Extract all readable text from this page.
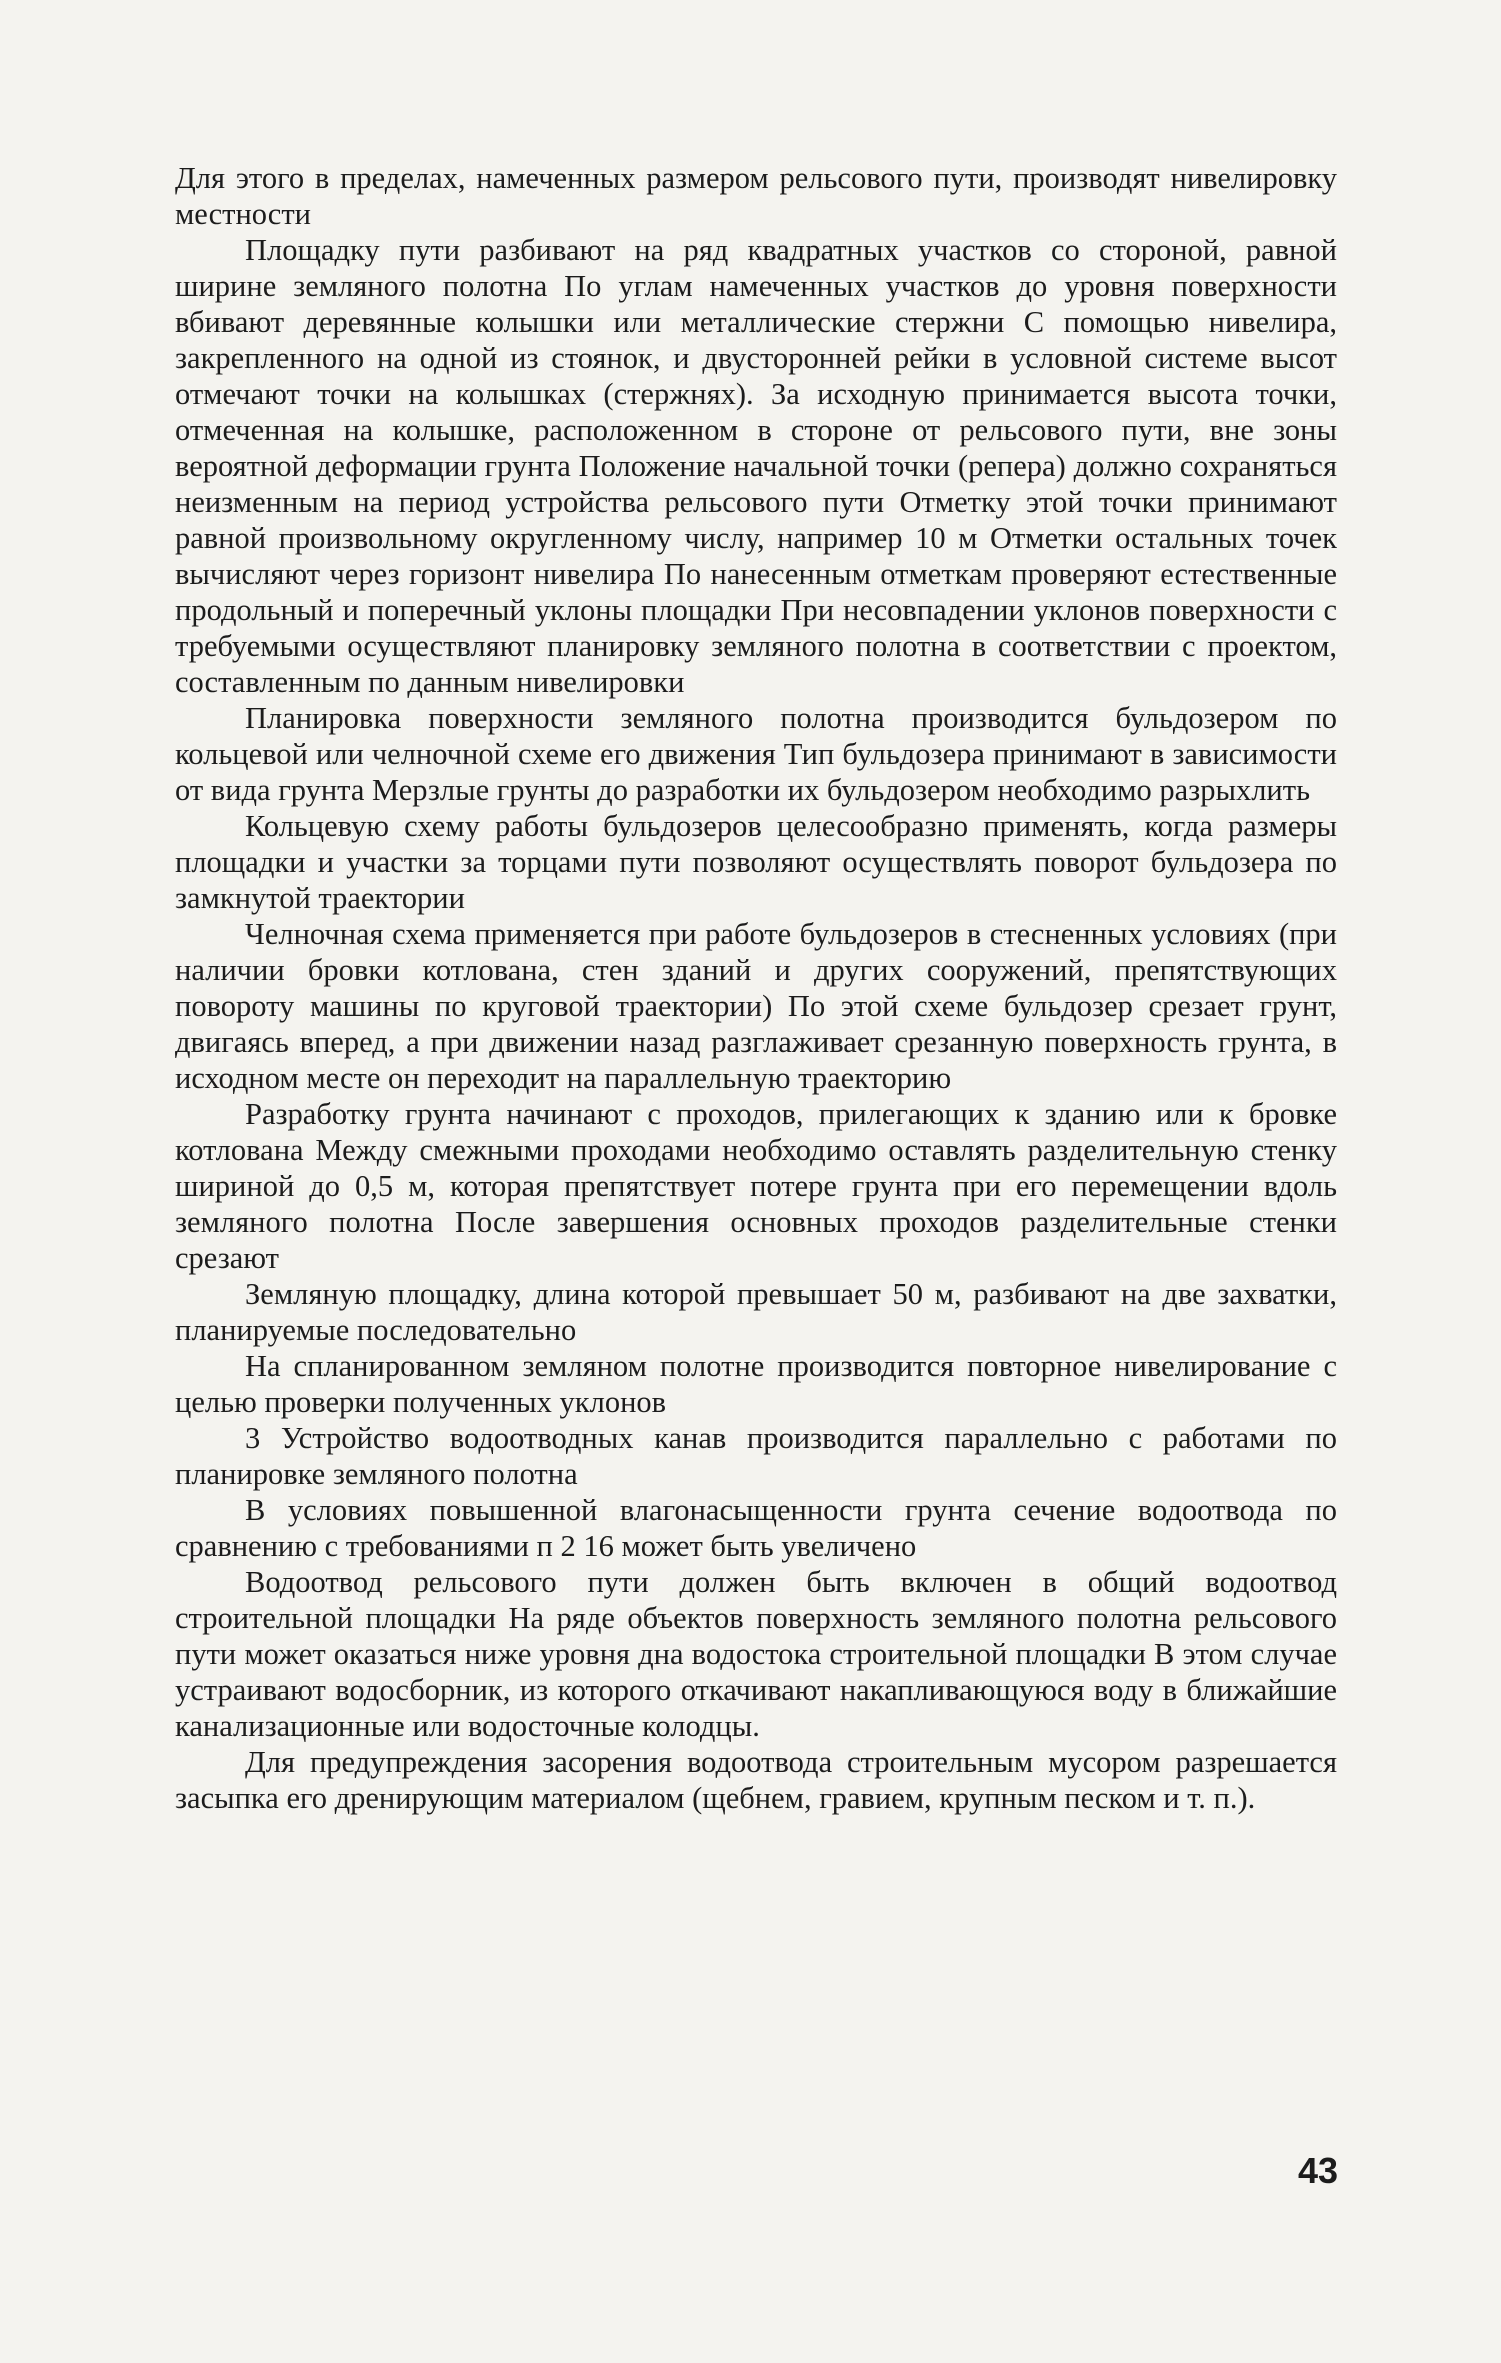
Для этого в пределах, намеченных размером рельсового пути, производят нивелировку местности

Площадку пути разбивают на ряд квадратных участков со стороной, равной ширине земляного полотна По углам намеченных участков до уровня поверхности вбивают деревянные колышки или металлические стержни С помощью нивелира, закрепленного на одной из стоянок, и двусторонней рейки в условной системе высот отмечают точки на колышках (стержнях). За исходную принимается высота точки, отмеченная на колышке, расположенном в стороне от рельсового пути, вне зоны вероятной деформации грунта Положение начальной точки (репера) должно сохраняться неизменным на период устройства рельсового пути Отметку этой точки принимают равной произвольному округленному числу, например 10 м Отметки остальных точек вычисляют через горизонт нивелира По нанесенным отметкам проверяют естественные продольный и поперечный уклоны площадки При несовпадении уклонов поверхности с требуемыми осуществляют планировку земляного полотна в соответствии с проектом, составленным по данным нивелировки

Планировка поверхности земляного полотна производится бульдозером по кольцевой или челночной схеме его движения Тип бульдозера принимают в зависимости от вида грунта Мерзлые грунты до разработки их бульдозером необходимо разрыхлить

Кольцевую схему работы бульдозеров целесообразно применять, когда размеры площадки и участки за торцами пути позволяют осуществлять поворот бульдозера по замкнутой траектории

Челночная схема применяется при работе бульдозеров в стесненных условиях (при наличии бровки котлована, стен зданий и других сооружений, препятствующих повороту машины по круговой траектории) По этой схеме бульдозер срезает грунт, двигаясь вперед, а при движении назад разглаживает срезанную поверхность грунта, в исходном месте он переходит на параллельную траекторию

Разработку грунта начинают с проходов, прилегающих к зданию или к бровке котлована Между смежными проходами необходимо оставлять разделительную стенку шириной до 0,5 м, которая препятствует потере грунта при его перемещении вдоль земляного полотна После завершения основных проходов разделительные стенки срезают

Земляную площадку, длина которой превышает 50 м, разбивают на две захватки, планируемые последовательно

На спланированном земляном полотне производится повторное нивелирование с целью проверки полученных уклонов

3 Устройство водоотводных канав производится параллельно с работами по планировке земляного полотна

В условиях повышенной влагонасыщенности грунта сечение водоотвода по сравнению с требованиями п 2 16 может быть увеличено

Водоотвод рельсового пути должен быть включен в общий водоотвод строительной площадки На ряде объектов поверхность земляного полотна рельсового пути может оказаться ниже уровня дна водостока строительной площадки В этом случае устраивают водосборник, из которого откачивают накапливающуюся воду в ближайшие канализационные или водосточные колодцы.

Для предупреждения засорения водоотвода строительным мусором разрешается засыпка его дренирующим материалом (щебнем, гравием, крупным песком и т. п.).

43
